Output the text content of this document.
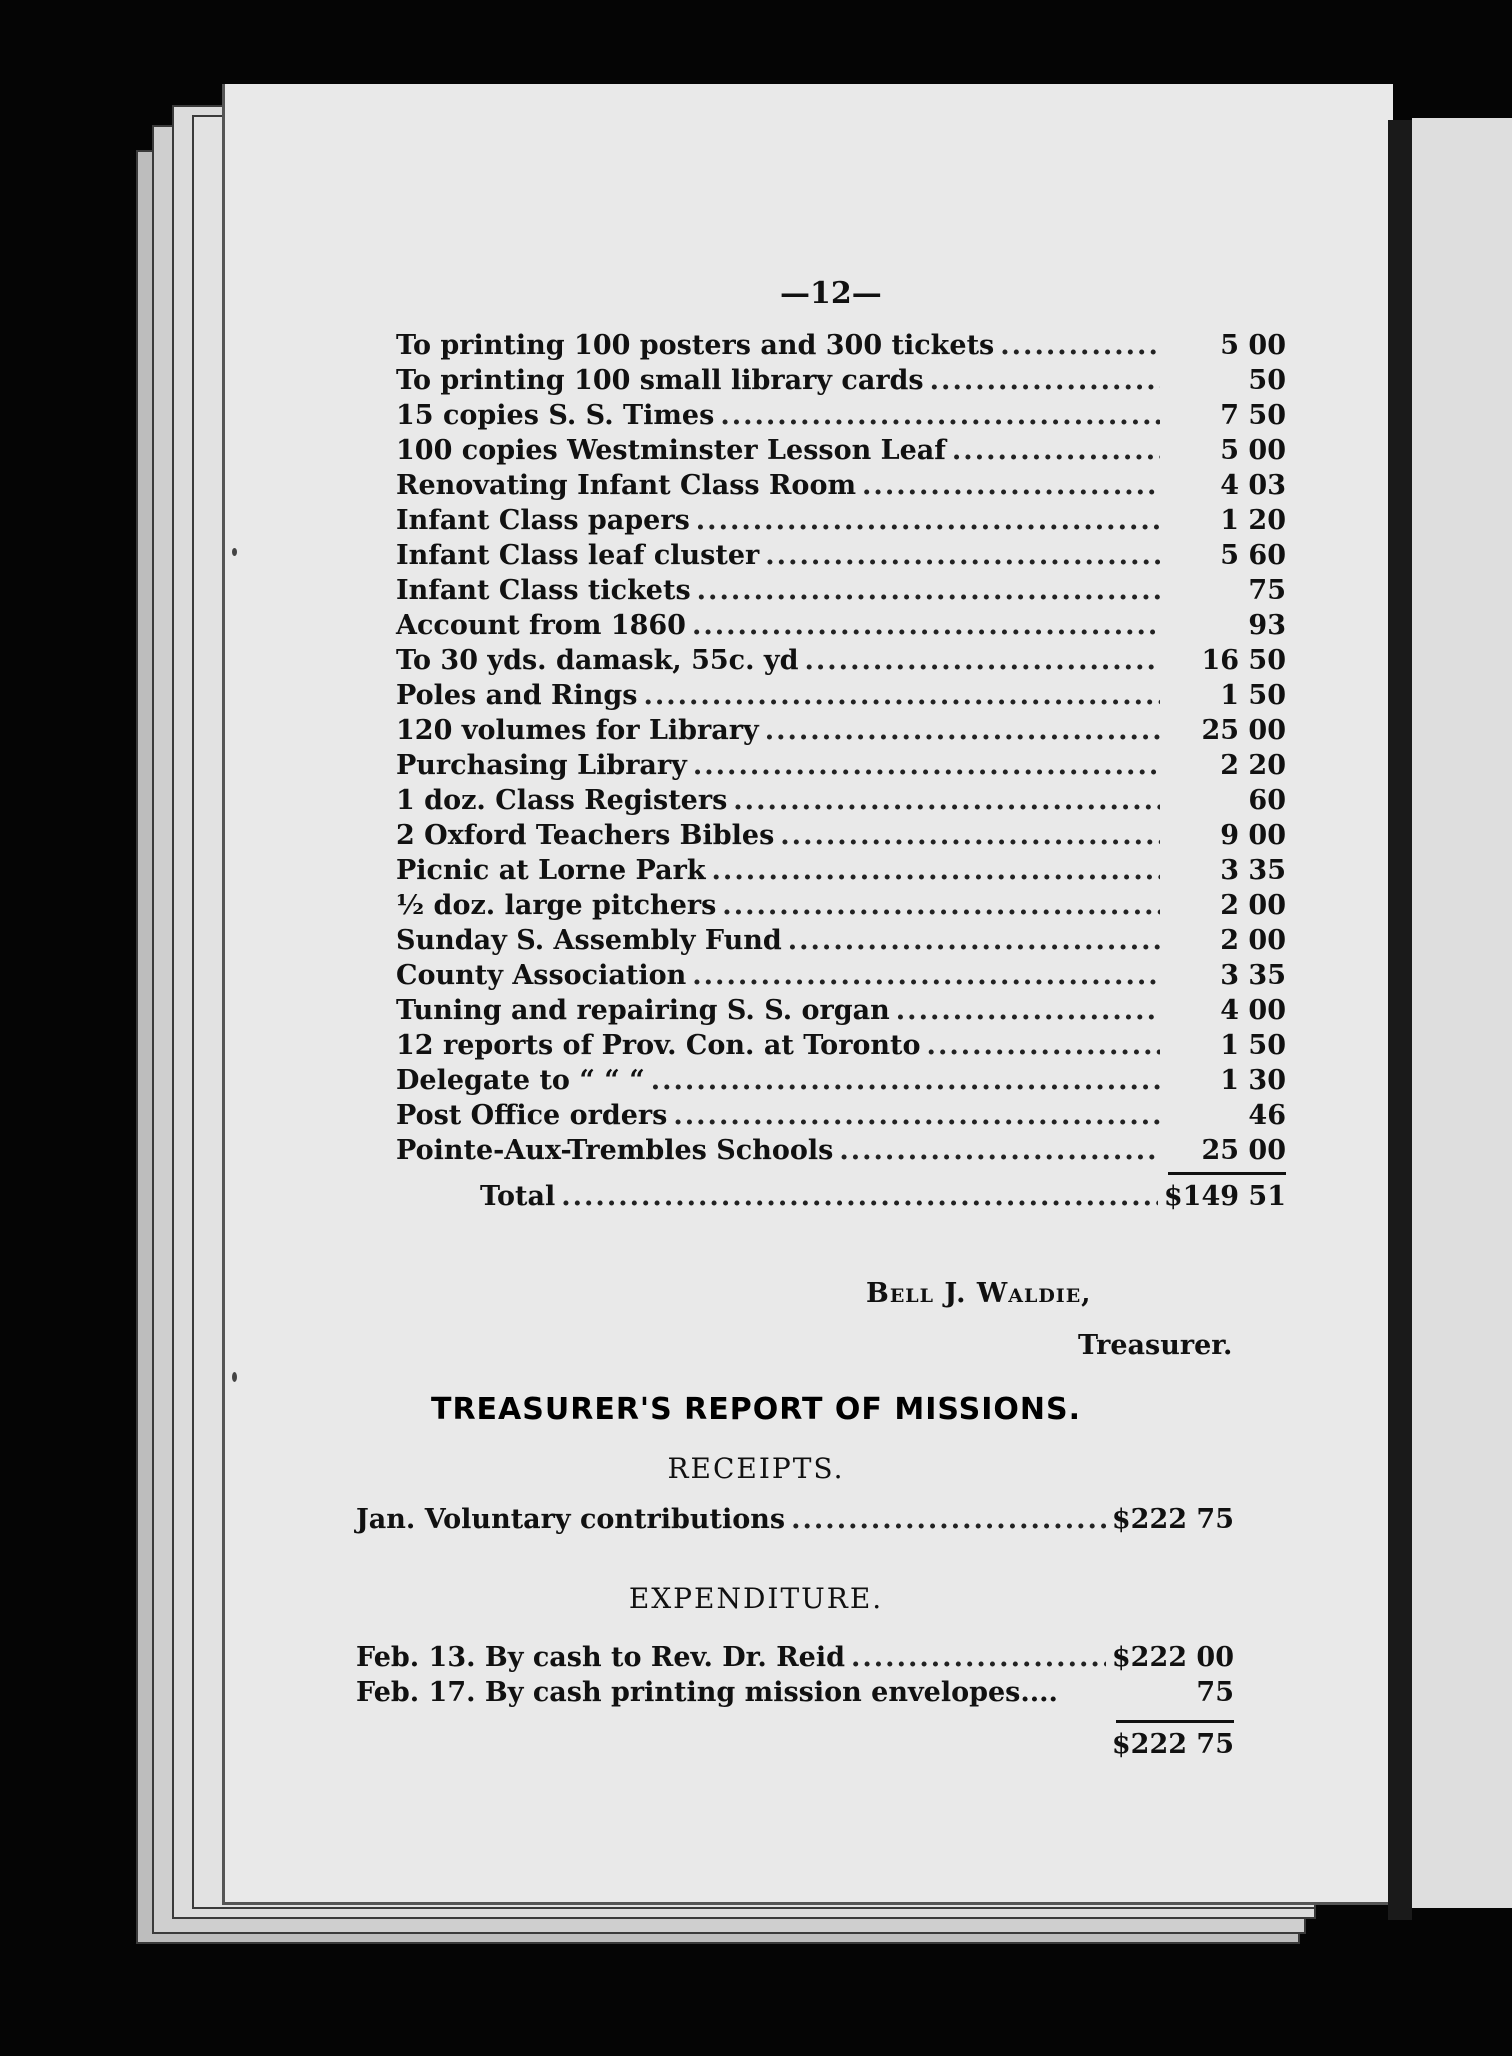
—12—
To printing 100 posters and 300 tickets .....	5 00
To printing 100 small library cards .....	50
15 copies S. S. Times .....	7 50
100 copies Westminster Lesson Leaf .....	5 00
Renovating Infant Class Room .....	4 03
Infant Class papers .....	1 20
Infant Class leaf cluster .....	5 60
Infant Class tickets .....	75
Account from 1860 .....	93
To 30 yds. damask, 55c. yd .....	16 50
Poles and Rings .....	1 50
120 volumes for Library .....	25 00
Purchasing Library .....	2 20
1 doz. Class Registers .....	60
2 Oxford Teachers Bibles .....	9 00
Picnic at Lorne Park .....	3 35
½ doz. large pitchers .....	2 00
Sunday S. Assembly Fund .....	2 00
County Association .....	3 35
Tuning and repairing S. S. organ .....	4 00
12 reports of Prov. Con. at Toronto .....	1 50
Delegate to “ “ “ .....	1 30
Post Office orders .....	46
Pointe-Aux-Trembles Schools .....	25 00
Total .....	$149 51
Bell J. Waldie,
Treasurer.
TREASURER'S REPORT OF MISSIONS.
RECEIPTS.
Jan. Voluntary contributions .....	$222 75
EXPENDITURE.
Feb. 13. By cash to Rev. Dr. Reid .....	$222 00
Feb. 17. By cash printing mission envelopes....	75
$222 75
